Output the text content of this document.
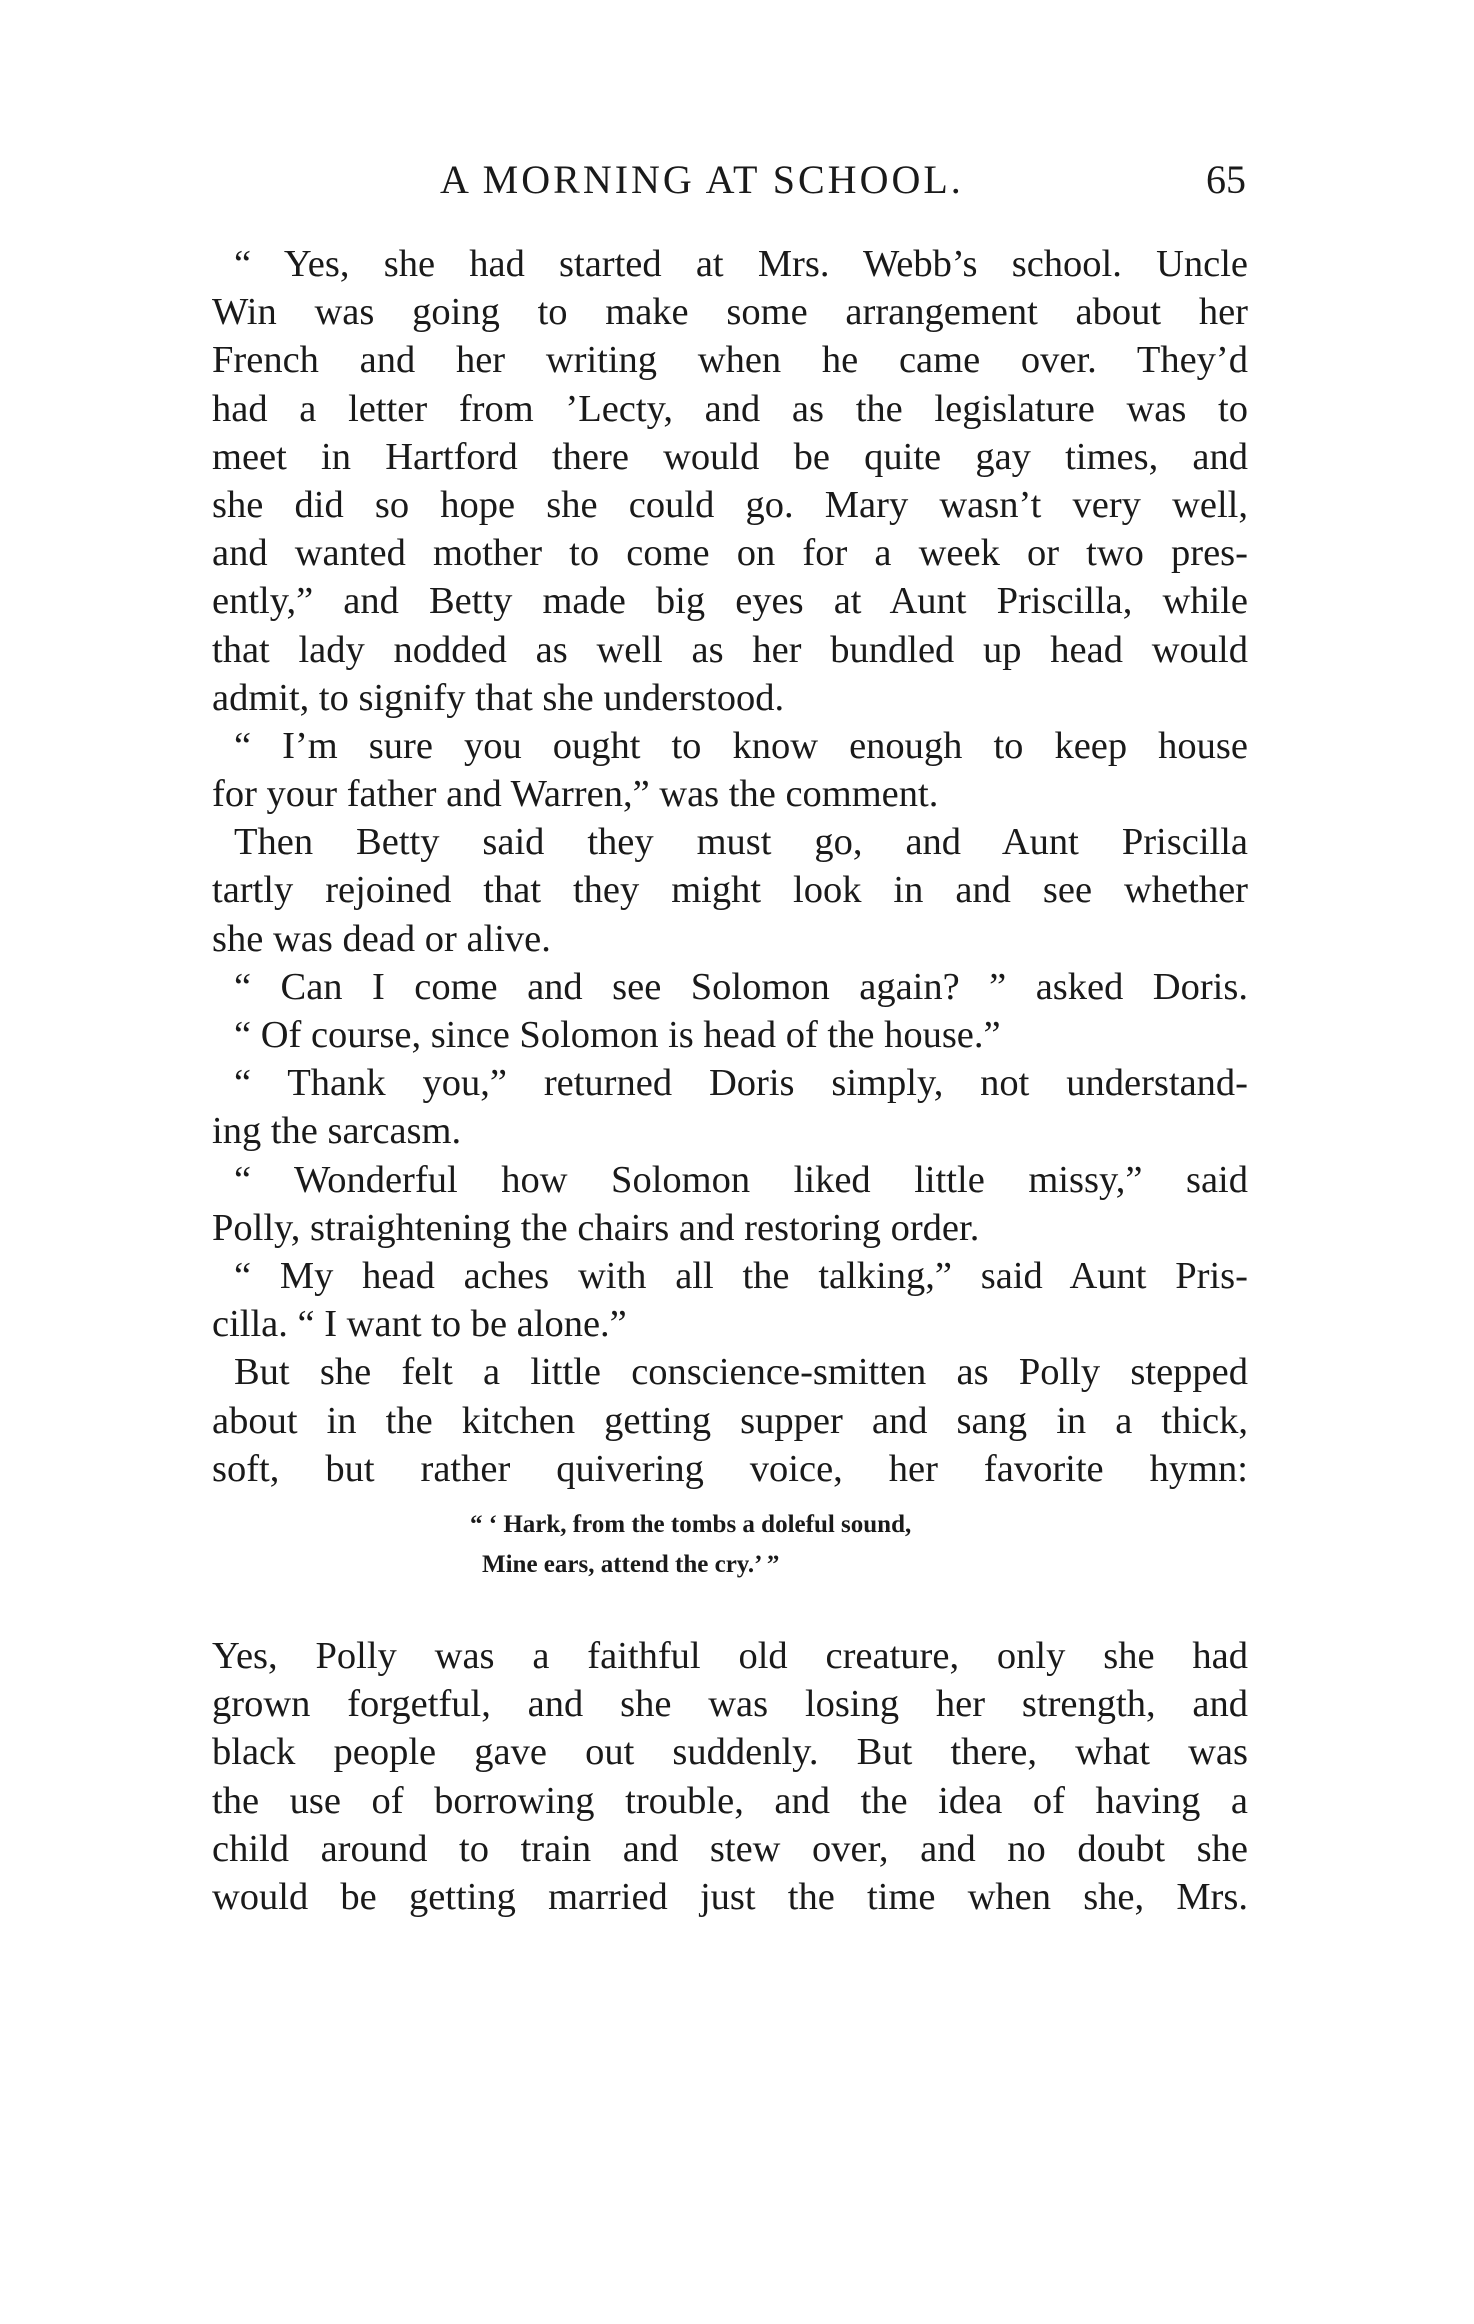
A MORNING AT SCHOOL.	65
“ Yes, she had started at Mrs. Webb’s school. Uncle
Win was going to make some arrangement about her
French and her writing when he came over. They’d
had a letter from ’Lecty, and as the legislature was to
meet in Hartford there would be quite gay times, and
she did so hope she could go. Mary wasn’t very well,
and wanted mother to come on for a week or two pres-
ently,” and Betty made big eyes at Aunt Priscilla, while
that lady nodded as well as her bundled up head would
admit, to signify that she understood.
“ I’m sure you ought to know enough to keep house
for your father and Warren,” was the comment.
Then Betty said they must go, and Aunt Priscilla
tartly rejoined that they might look in and see whether
she was dead or alive.
“ Can I come and see Solomon again? ” asked Doris.
“ Of course, since Solomon is head of the house.”
“ Thank you,” returned Doris simply, not understand-
ing the sarcasm.
“ Wonderful how Solomon liked little missy,” said
Polly, straightening the chairs and restoring order.
“ My head aches with all the talking,” said Aunt Pris-
cilla. “ I want to be alone.”
But she felt a little conscience-smitten as Polly stepped
about in the kitchen getting supper and sang in a thick,
soft, but rather quivering voice, her favorite hymn:
“ ‘ Hark, from the tombs a doleful sound,
Mine ears, attend the cry.’ ”
Yes, Polly was a faithful old creature, only she had
grown forgetful, and she was losing her strength, and
black people gave out suddenly. But there, what was
the use of borrowing trouble, and the idea of having a
child around to train and stew over, and no doubt she
would be getting married just the time when she, Mrs.
